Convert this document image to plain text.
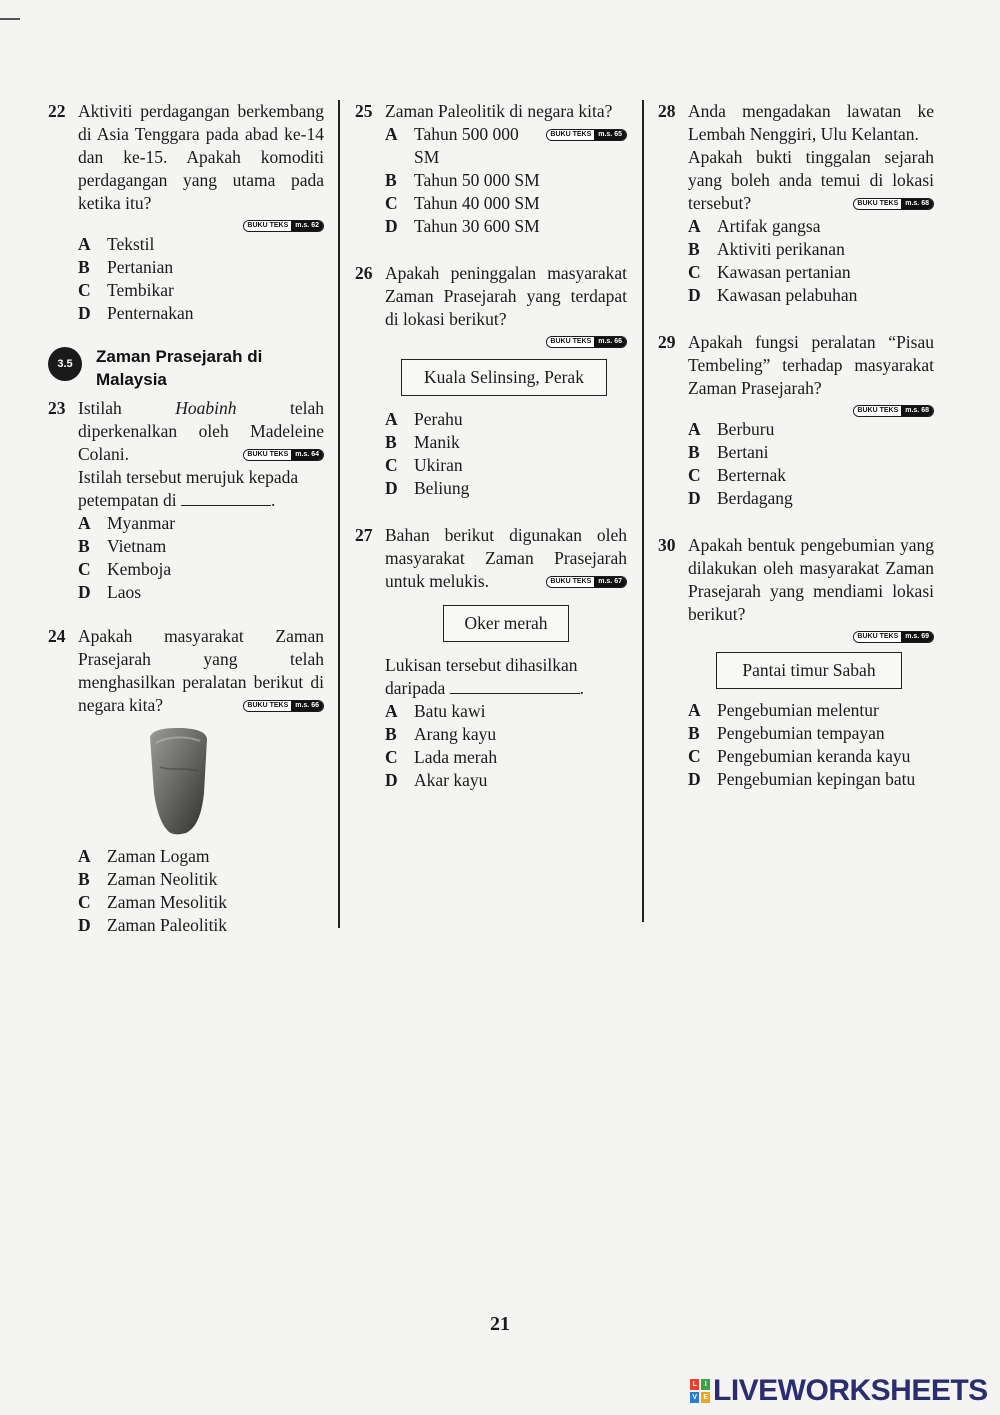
22 Aktiviti perdagangan berkembang di Asia Tenggara pada abad ke-14 dan ke-15. Apakah komoditi perdagangan yang utama pada ketika itu?
BUKU TEKS	m.s. 62
A Tekstil
B Pertanian
C Tembikar
D Penternakan
3.5	Zaman Prasejarah di Malaysia
23 Istilah	Hoabinh	telah diperkenalkan oleh Madeleine Colani.	BUKU TEKS	m.s. 64
Istilah tersebut merujuk kepada petempatan di	.
A Myanmar
B Vietnam
C Kemboja
D Laos
24 Apakah masyarakat Zaman Prasejarah yang telah menghasilkan peralatan berikut di negara kita?	BUKU TEKS	m.s. 66
A Zaman Logam
B Zaman Neolitik
C Zaman Mesolitik
D Zaman Paleolitik
25 Zaman Paleolitik di negara kita?
BUKU TEKS	m.s. 65
A Tahun 500 000 SM
B Tahun 50 000 SM
C Tahun 40 000 SM
D Tahun 30 600 SM
26 Apakah peninggalan masyarakat Zaman Prasejarah yang terdapat di lokasi berikut?
BUKU TEKS	m.s. 66
Kuala Selinsing, Perak
A Perahu
B Manik
C Ukiran
D Beliung
27 Bahan berikut digunakan oleh masyarakat Zaman Prasejarah untuk melukis.	BUKU TEKS	m.s. 67
Oker merah
Lukisan tersebut dihasilkan daripada	.
A Batu kawi
B Arang kayu
C Lada merah
D Akar kayu
28 Anda mengadakan lawatan ke Lembah Nenggiri, Ulu Kelantan.
Apakah bukti tinggalan sejarah yang boleh anda temui di lokasi tersebut?	BUKU TEKS	m.s. 68
A Artifak gangsa
B Aktiviti perikanan
C Kawasan pertanian
D Kawasan pelabuhan
29 Apakah fungsi peralatan “Pisau Tembeling” terhadap masyarakat Zaman Prasejarah?
BUKU TEKS	m.s. 68
A Berburu
B Bertani
C Berternak
D Berdagang
30 Apakah bentuk pengebumian yang dilakukan oleh masyarakat Zaman Prasejarah yang mendiami lokasi berikut?
BUKU TEKS	m.s. 69
Pantai timur Sabah
A Pengebumian melentur
B Pengebumian tempayan
C Pengebumian keranda kayu
D Pengebumian kepingan batu
21
L	I
V E LIVEWORKSHEETS
